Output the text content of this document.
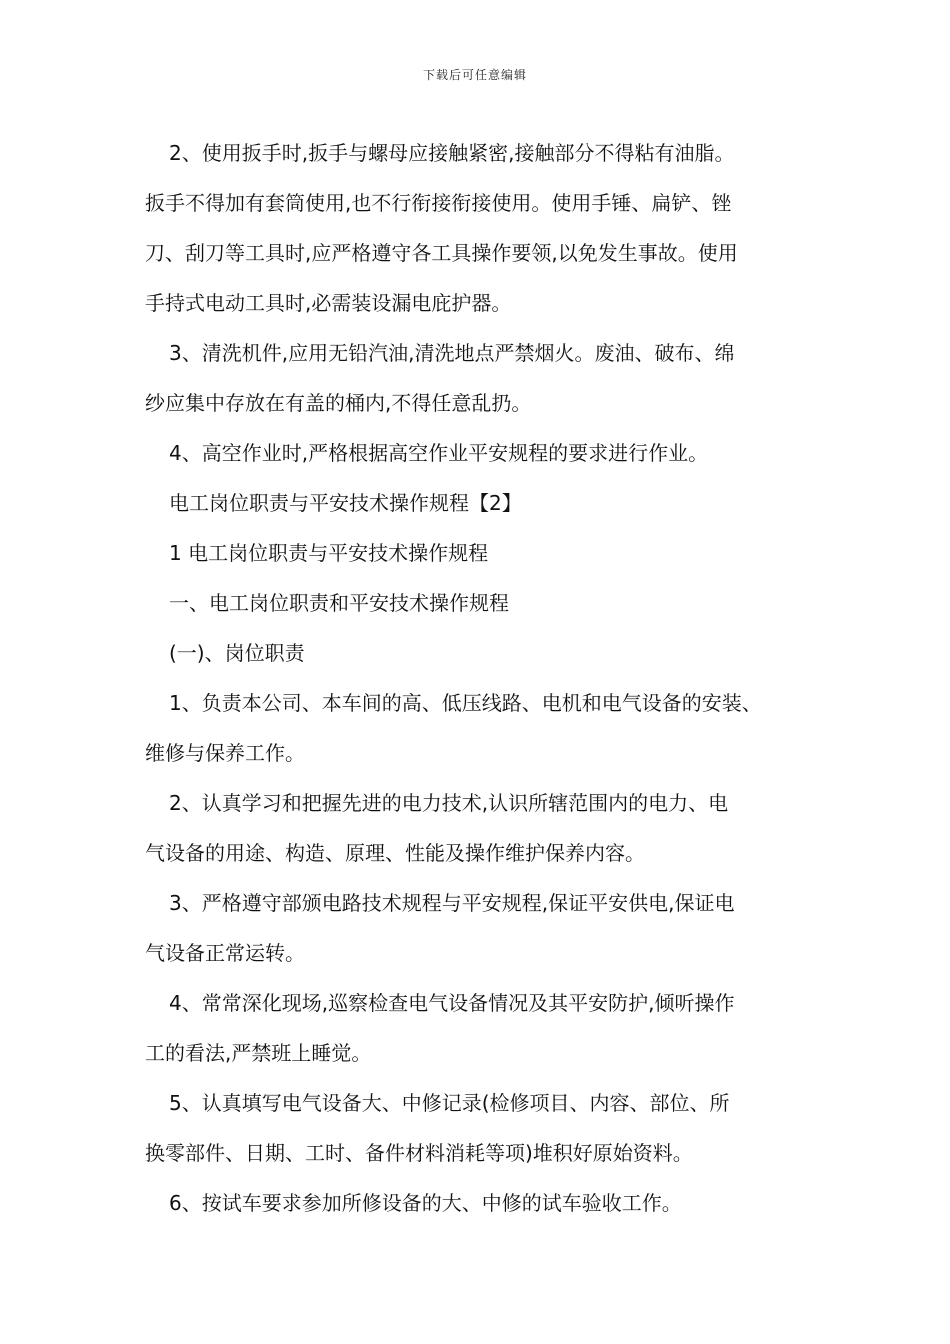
下载后可任意编辑
2、使用扳手时,扳手与螺母应接触紧密,接触部分不得粘有油脂。
扳手不得加有套筒使用,也不行衔接衔接使用。使用手锤、扁铲、锉
刀、刮刀等工具时,应严格遵守各工具操作要领,以免发生事故。使用
手持式电动工具时,必需装设漏电庇护器。
3、清洗机件,应用无铅汽油,清洗地点严禁烟火。废油、破布、绵
纱应集中存放在有盖的桶内,不得任意乱扔。
4、高空作业时,严格根据高空作业平安规程的要求进行作业。
电工岗位职责与平安技术操作规程【2】
1 电工岗位职责与平安技术操作规程
一、电工岗位职责和平安技术操作规程
(一)、岗位职责
1、负责本公司、本车间的高、低压线路、电机和电气设备的安装、
维修与保养工作。
2、认真学习和把握先进的电力技术,认识所辖范围内的电力、电
气设备的用途、构造、原理、性能及操作维护保养内容。
3、严格遵守部颁电路技术规程与平安规程,保证平安供电,保证电
气设备正常运转。
4、常常深化现场,巡察检查电气设备情况及其平安防护,倾听操作
工的看法,严禁班上睡觉。
5、认真填写电气设备大、中修记录(检修项目、内容、部位、所
换零部件、日期、工时、备件材料消耗等项)堆积好原始资料。
6、按试车要求参加所修设备的大、中修的试车验收工作。
